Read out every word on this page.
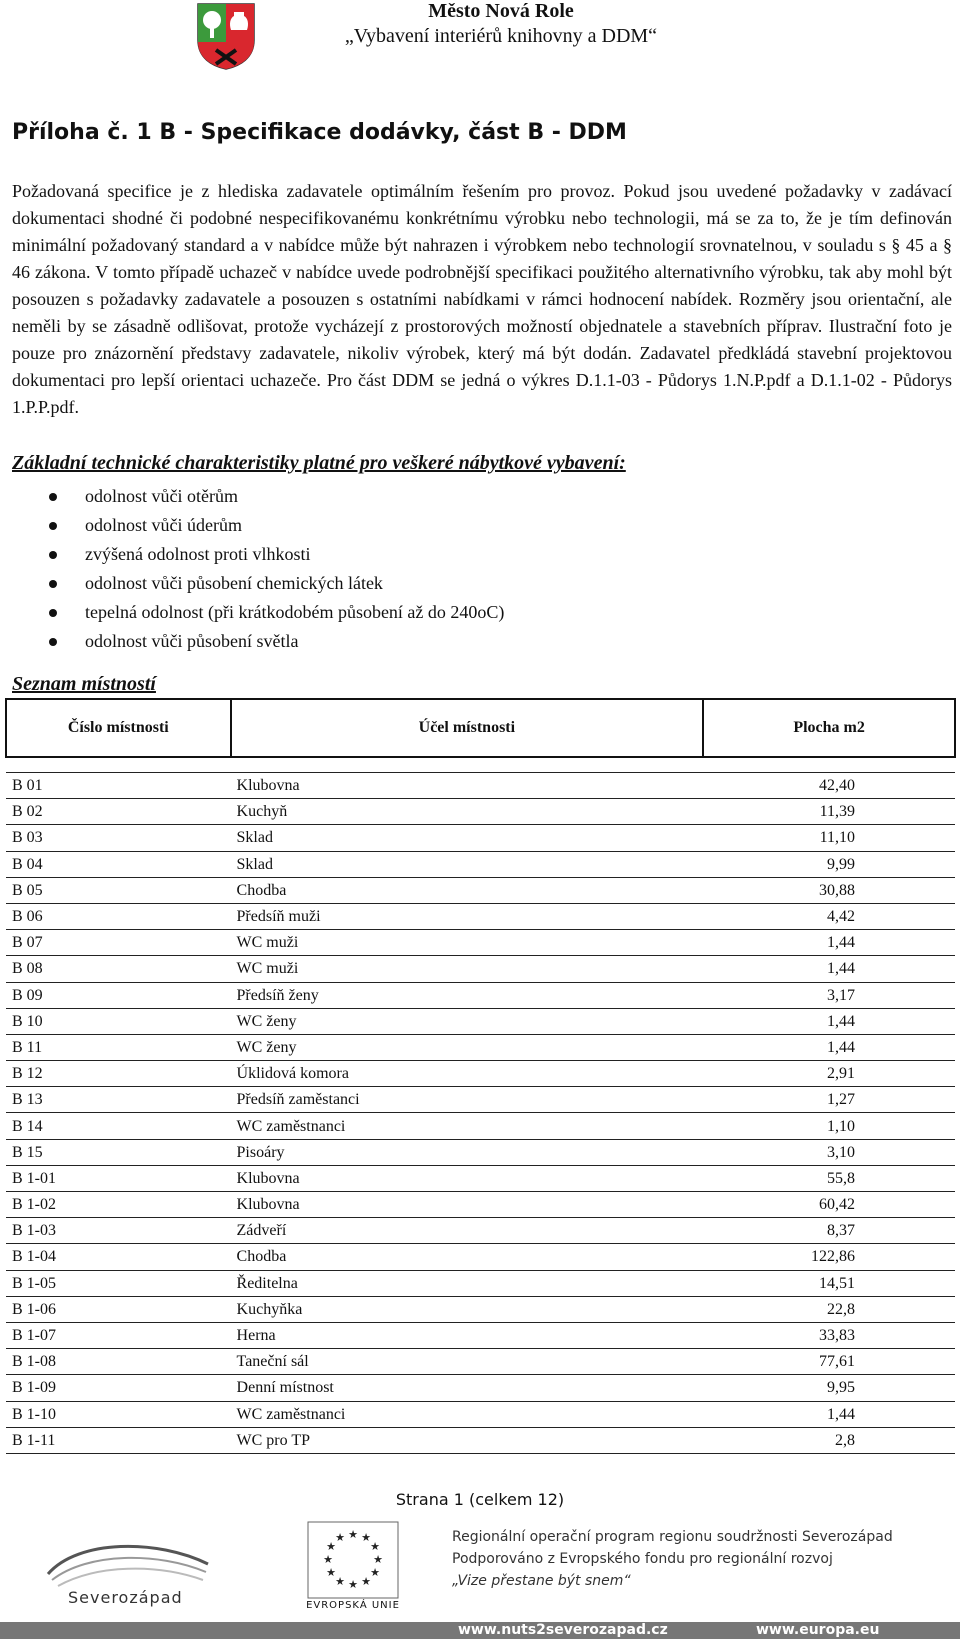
Město Nová Role
„Vybavení interiérů knihovny a DDM“
Příloha č. 1 B - Specifikace dodávky, část B - DDM

Požadovaná specifice je z hlediska zadavatele optimálním řešením pro provoz. Pokud jsou uvedené požadavky v zadávací dokumentaci shodné či podobné nespecifikovanému konkrétnímu výrobku nebo technologii, má se za to, že je tím definován minimální požadovaný standard a v nabídce může být nahrazen i výrobkem nebo technologií srovnatelnou, v souladu s § 45 a § 46 zákona. V tomto případě uchazeč v nabídce uvede podrobnější specifikaci použitého alternativního výrobku, tak aby mohl být posouzen s požadavky zadavatele a posouzen s ostatními nabídkami v rámci hodnocení nabídek. Rozměry jsou orientační, ale neměli by se zásadně odlišovat, protože vycházejí z prostorových možností objednatele a stavebních příprav. Ilustrační foto je pouze pro znázornění představy zadavatele, nikoliv výrobek, který má být dodán. Zadavatel předkládá stavební projektovou dokumentaci pro lepší orientaci uchazeče. Pro část DDM se jedná o výkres D.1.1-03 - Půdorys 1.N.P.pdf a D.1.1-02 - Půdorys 1.P.P.pdf.

Základní technické charakteristiky platné pro veškeré nábytkové vybavení:
odolnost vůči otěrům
odolnost vůči úderům
zvýšená odolnost proti vlhkosti
odolnost vůči působení chemických látek
tepelná odolnost (při krátkodobém působení až do 240oC)
odolnost vůči působení světla
Seznam místností
Číslo místnosti	Účel místnosti	Plocha m2

B 01	Klubovna	42,40
B 02	Kuchyň	11,39
B 03	Sklad	11,10
B 04	Sklad	9,99
B 05	Chodba	30,88
B 06	Předsíň muži	4,42
B 07	WC muži	1,44
B 08	WC muži	1,44
B 09	Předsíň ženy	3,17
B 10	WC ženy	1,44
B 11	WC ženy	1,44
B 12	Úklidová komora	2,91
B 13	Předsíň zaměstanci	1,27
B 14	WC zaměstnanci	1,10
B 15	Pisoáry	3,10
B 1-01	Klubovna	55,8
B 1-02	Klubovna	60,42
B 1-03	Zádveří	8,37
B 1-04	Chodba	122,86
B 1-05	Ředitelna	14,51
B 1-06	Kuchyňka	22,8
B 1-07	Herna	33,83
B 1-08	Taneční sál	77,61
B 1-09	Denní místnost	9,95
B 1-10	WC zaměstnanci	1,44
B 1-11	WC pro TP	2,8
Strana 1 (celkem 12)
Severozápad
★ ★
★
★
★
★
★
★
★
★
★
★
EVROPSKÁ UNIE
Regionální operační program regionu soudržnosti Severozápad
Podporováno z Evropského fondu pro regionální rozvoj
„Vize přestane být snem“
www.nuts2severozapad.cz	www.europa.eu
